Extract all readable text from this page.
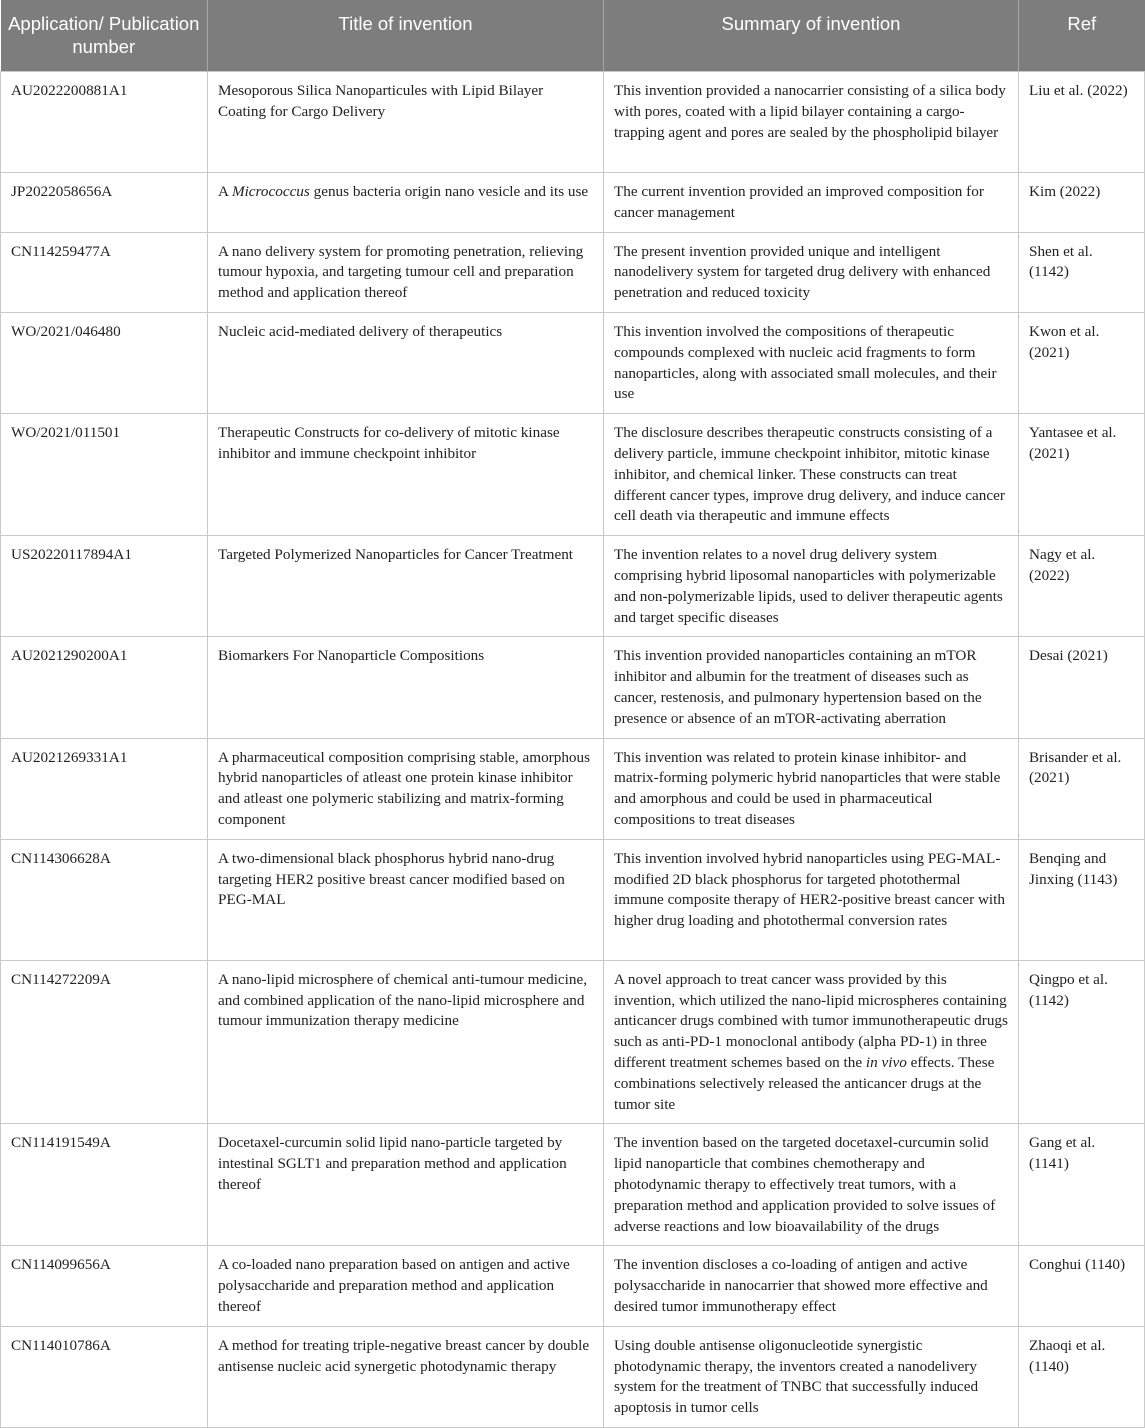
Application/ Publication number	Title of invention	Summary of invention	Ref
AU2022200881A1	Mesoporous Silica Nanoparticules with Lipid Bilayer Coating for Cargo Delivery	This invention provided a nanocarrier consisting of a silica body with pores, coated with a lipid bilayer containing a cargo-trapping agent and pores are sealed by the phospholipid bilayer	Liu et al. (2022)
JP2022058656A	A Micrococcus genus bacteria origin nano vesicle and its use	The current invention provided an improved composition for cancer management	Kim (2022)
CN114259477A	A nano delivery system for promoting penetration, relieving tumour hypoxia, and targeting tumour cell and preparation method and application thereof	The present invention provided unique and intelligent nanodelivery system for targeted drug delivery with enhanced penetration and reduced toxicity	Shen et al. (1142)
WO/2021/046480	Nucleic acid-mediated delivery of therapeutics	This invention involved the compositions of therapeutic compounds complexed with nucleic acid fragments to form nanoparticles, along with associated small molecules, and their use	Kwon et al. (2021)
WO/2021/011501	Therapeutic Constructs for co-delivery of mitotic kinase inhibitor and immune checkpoint inhibitor	The disclosure describes therapeutic constructs consisting of a delivery particle, immune checkpoint inhibitor, mitotic kinase inhibitor, and chemical linker. These constructs can treat different cancer types, improve drug delivery, and induce cancer cell death via therapeutic and immune effects	Yantasee et al. (2021)
US20220117894A1	Targeted Polymerized Nanoparticles for Cancer Treatment	The invention relates to a novel drug delivery system comprising hybrid liposomal nanoparticles with polymerizable and non-polymerizable lipids, used to deliver therapeutic agents and target specific diseases	Nagy et al. (2022)
AU2021290200A1	Biomarkers For Nanoparticle Compositions	This invention provided nanoparticles containing an mTOR inhibitor and albumin for the treatment of diseases such as cancer, restenosis, and pulmonary hypertension based on the presence or absence of an mTOR-activating aberration	Desai (2021)
AU2021269331A1	A pharmaceutical composition comprising stable, amorphous hybrid nanoparticles of atleast one protein kinase inhibitor and atleast one polymeric stabilizing and matrix-forming component	This invention was related to protein kinase inhibitor- and matrix-forming polymeric hybrid nanoparticles that were stable and amorphous and could be used in pharmaceutical compositions to treat diseases	Brisander et al. (2021)
CN114306628A	A two-dimensional black phosphorus hybrid nano-drug targeting HER2 positive breast cancer modified based on PEG-MAL	This invention involved hybrid nanoparticles using PEG-MAL-modified 2D black phosphorus for targeted photothermal immune composite therapy of HER2-positive breast cancer with higher drug loading and photothermal conversion rates	Benqing and Jinxing (1143)
CN114272209A	A nano-lipid microsphere of chemical anti-tumour medicine, and combined application of the nano-lipid microsphere and tumour immunization therapy medicine	A novel approach to treat cancer wass provided by this invention, which utilized the nano-lipid microspheres containing anticancer drugs combined with tumor immunotherapeutic drugs such as anti-PD-1 monoclonal antibody (alpha PD-1) in three different treatment schemes based on the in vivo effects. These combinations selectively released the anticancer drugs at the tumor site	Qingpo et al. (1142)
CN114191549A	Docetaxel-curcumin solid lipid nano-particle targeted by intestinal SGLT1 and preparation method and application thereof	The invention based on the targeted docetaxel-curcumin solid lipid nanoparticle that combines chemotherapy and photodynamic therapy to effectively treat tumors, with a preparation method and application provided to solve issues of adverse reactions and low bioavailability of the drugs	Gang et al. (1141)
CN114099656A	A co-loaded nano preparation based on antigen and active polysaccharide and preparation method and application thereof	The invention discloses a co-loading of antigen and active polysaccharide in nanocarrier that showed more effective and desired tumor immunotherapy effect	Conghui (1140)
CN114010786A	A method for treating triple-negative breast cancer by double antisense nucleic acid synergetic photodynamic therapy	Using double antisense oligonucleotide synergistic photodynamic therapy, the inventors created a nanodelivery system for the treatment of TNBC that successfully induced apoptosis in tumor cells	Zhaoqi et al. (1140)
